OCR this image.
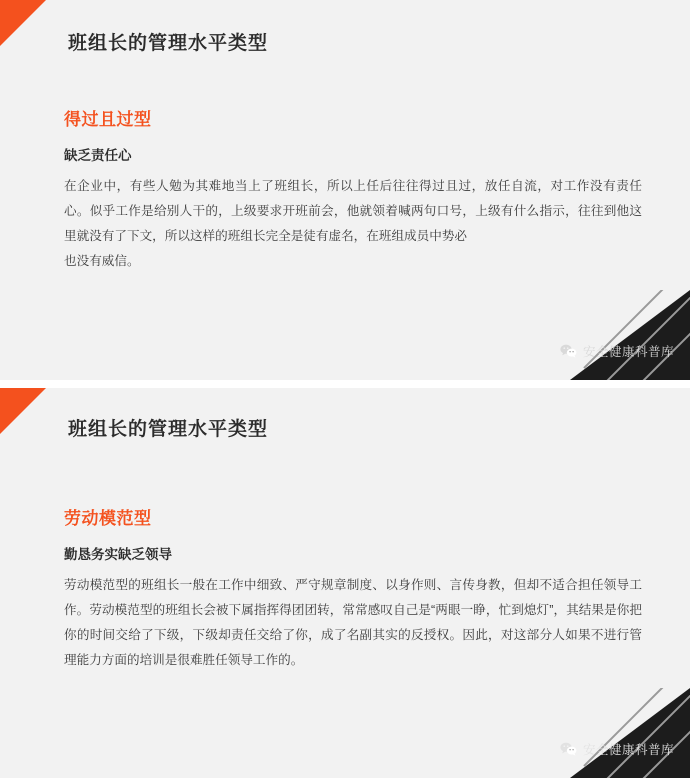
班组长的管理水平类型
得过且过型
缺乏责任心

在企业中，有些人勉为其难地当上了班组长，所以上任后往往得过且过，放任自流，对工作没有责任心。似乎工作是给别人干的，上级要求开班前会，他就领着喊两句口号，上级有什么指示，往往到他这里就没有了下文，所以这样的班组长完全是徒有虚名，在班组成员中势必

也没有威信。

安全健康科普库
班组长的管理水平类型
劳动模范型
勤恳务实缺乏领导

劳动模范型的班组长一般在工作中细致、严守规章制度、以身作则、言传身教，但却不适合担任领导工作。劳动模范型的班组长会被下属指挥得团团转，常常感叹自己是“两眼一睁，忙到熄灯”，其结果是你把你的时间交给了下级，下级却责任交给了你，成了名副其实的反授权。因此，对这部分人如果不进行管理能力方面的培训是很难胜任领导工作的。

安全健康科普库
